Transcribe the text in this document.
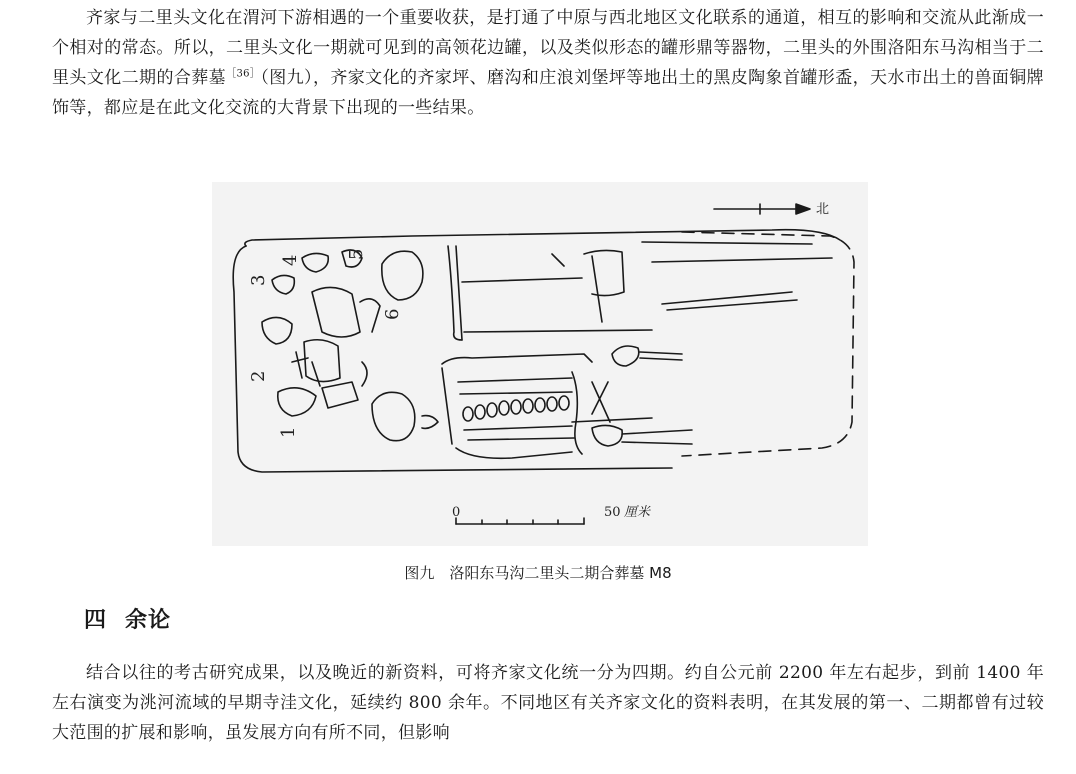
齐家与二里头文化在渭河下游相遇的一个重要收获，是打通了中原与西北地区文化联系的通道，相互的影响和交流从此渐成一个相对的常态。所以，二里头文化一期就可见到的高领花边罐，以及类似形态的罐形鼎等器物，二里头的外围洛阳东马沟相当于二里头文化二期的合葬墓$^{[36]}$（图九），齐家文化的齐家坪、磨沟和庄浪刘堡坪等地出土的黑皮陶象首罐形盉，天水市出土的兽面铜牌饰等，都应是在此文化交流的大背景下出现的一些结果。

北
0	50 厘米
1
2
3
4
5
6
图九　洛阳东马沟二里头二期合葬墓 M8
四 余论

结合以往的考古研究成果，以及晚近的新资料，可将齐家文化统一分为四期。约自公元前 2200 年左右起步，到前 1400 年左右演变为洮河流域的早期寺洼文化，延续约 800 余年。不同地区有关齐家文化的资料表明，在其发展的第一、二期都曾有过较大范围的扩展和影响，虽发展方向有所不同，但影响
